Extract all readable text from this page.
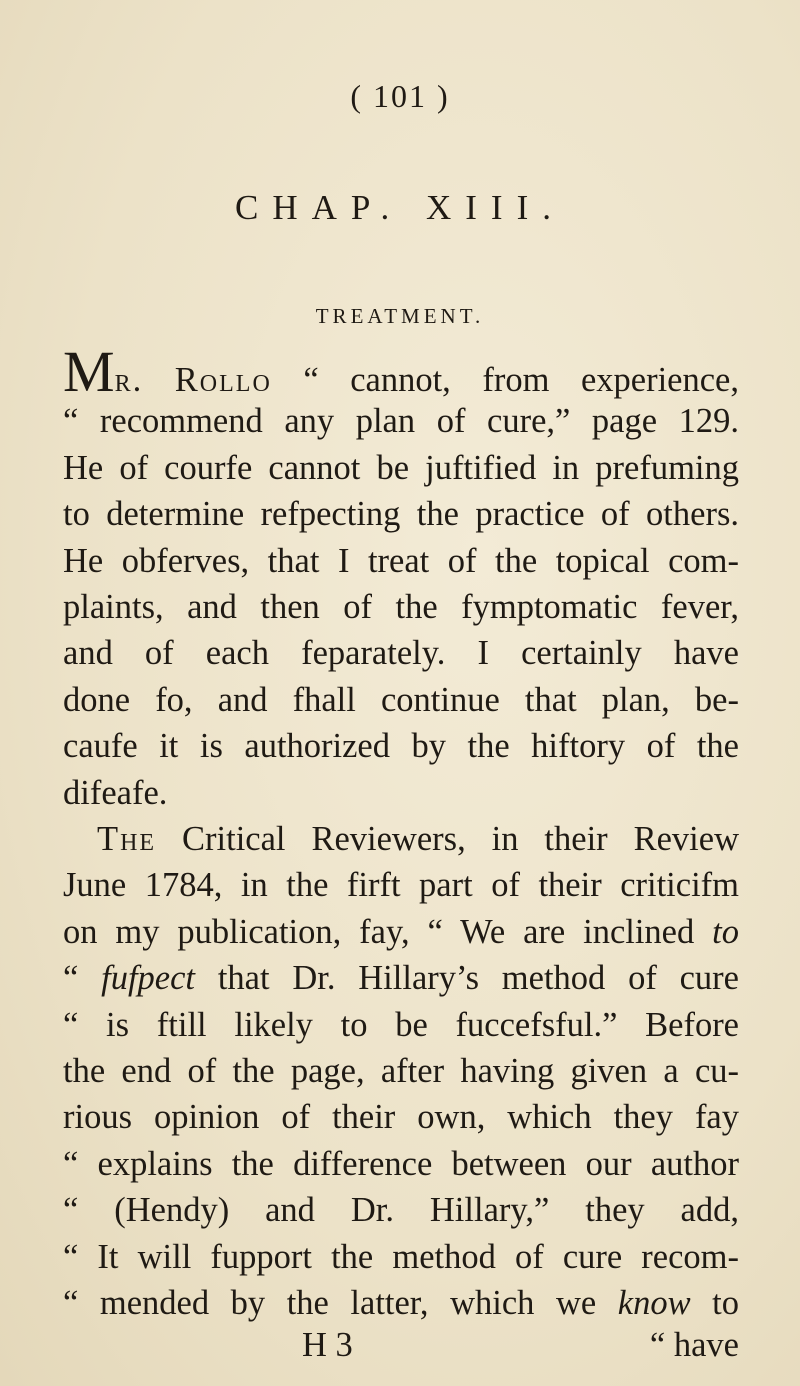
( 101 )
CHAP. XIII.
TREATMENT.
Mr. Rollo “ cannot, from experience,
“ recommend any plan of cure,” page 129.
He of courfe cannot be juftified in prefuming
to determine refpecting the practice of others.
He obferves, that I treat of the topical com-
plaints, and then of the fymptomatic fever,
and of each feparately. I certainly have
done fo, and fhall continue that plan, be-
caufe it is authorized by the hiftory of the
difeafe.
The Critical Reviewers, in their Review
June 1784, in the firft part of their criticifm
on my publication, fay, “ We are inclined to
“ fufpect that Dr. Hillary’s method of cure
“ is ftill likely to be fuccefsful.” Before
the end of the page, after having given a cu-
rious opinion of their own, which they fay
“ explains the difference between our author
“ (Hendy) and Dr. Hillary,” they add,
“ It will fupport the method of cure recom-
“ mended by the latter, which we know to
H 3	“ have
